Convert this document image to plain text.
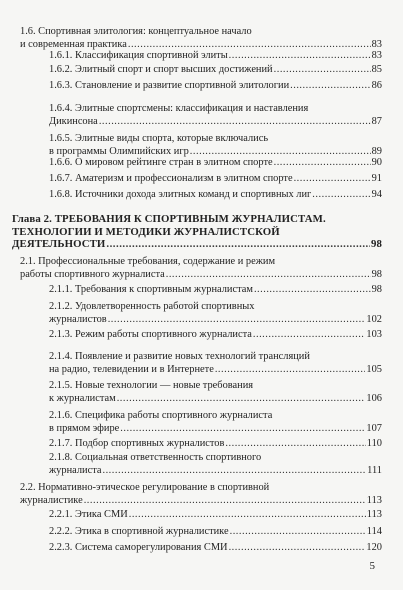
1.6. Спортивная элитология: концептуальное начало
и современная практика .....	83
1.6.1. Классификация спортивной элиты .....	83
1.6.2. Элитный спорт и спорт высших достижений .....	85
1.6.3. Становление и развитие спортивной элитологии .....	86
1.6.4. Элитные спортсмены: классификация и наставления
Дикинсона .....	87
1.6.5. Элитные виды спорта, которые включались
в программы Олимпийских игр .....	89
1.6.6. О мировом рейтинге стран в элитном спорте .....	90
1.6.7. Аматеризм и профессионализм в элитном спорте .....	91
1.6.8. Источники дохода элитных команд и спортивных лиг .....	94
Глава 2. ТРЕБОВАНИЯ К СПОРТИВНЫМ ЖУРНАЛИСТАМ.
ТЕХНОЛОГИИ И МЕТОДИКИ ЖУРНАЛИСТСКОЙ
ДЕЯТЕЛЬНОСТИ .....	98
2.1. Профессиональные требования, содержание и режим
работы спортивного журналиста .....	98
2.1.1. Требования к спортивным журналистам .....	98
2.1.2. Удовлетворенность работой спортивных
журналистов .....	102
2.1.3. Режим работы спортивного журналиста .....	103
2.1.4. Появление и развитие новых технологий трансляций
на радио, телевидении и в Интернете .....	105
2.1.5. Новые технологии — новые требования
к журналистам .....	106
2.1.6. Специфика работы спортивного журналиста
в прямом эфире .....	107
2.1.7. Подбор спортивных журналистов .....	110
2.1.8. Социальная ответственность спортивного
журналиста .....	111
2.2. Нормативно-этическое регулирование в спортивной
журналистике .....	113
2.2.1. Этика СМИ .....	113
2.2.2. Этика в спортивной журналистике .....	114
2.2.3. Система саморегулирования СМИ .....	120
5
